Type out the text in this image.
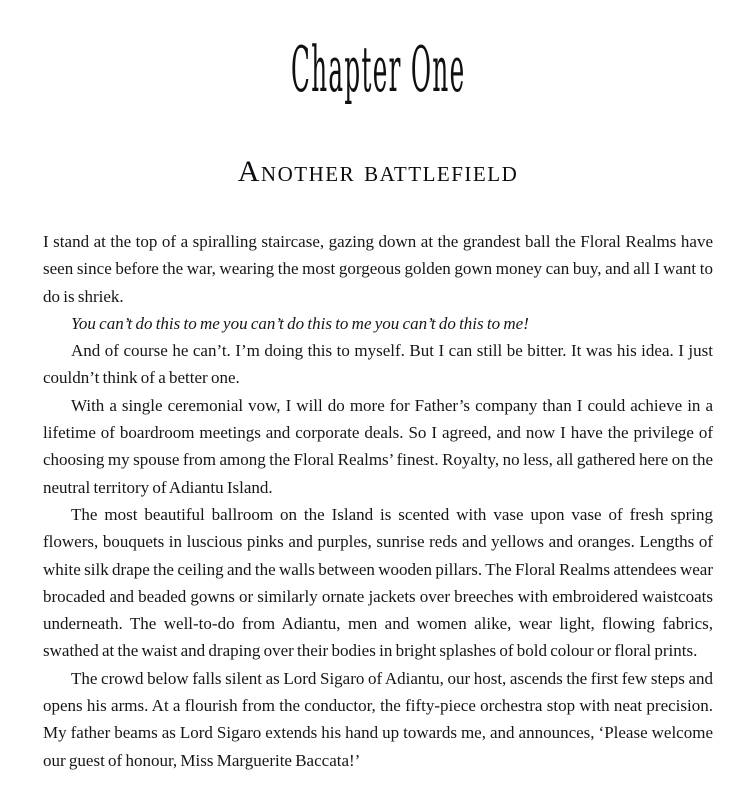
Chapter One
Another battlefield

I stand at the top of a spiralling staircase, gazing down at the grandest ball the Floral Realms have seen since before the war, wearing the most gorgeous golden gown money can buy, and all I want to do is shriek.

You can’t do this to me you can’t do this to me you can’t do this to me!

And of course he can’t. I’m doing this to myself. But I can still be bitter. It was his idea. I just couldn’t think of a better one.

With a single ceremonial vow, I will do more for Father’s company than I could achieve in a lifetime of boardroom meetings and corporate deals. So I agreed, and now I have the privilege of choosing my spouse from among the Floral Realms’ finest. Royalty, no less, all gathered here on the neutral territory of Adiantu Island.

The most beautiful ballroom on the Island is scented with vase upon vase of fresh spring flowers, bouquets in luscious pinks and purples, sunrise reds and yellows and oranges. Lengths of white silk drape the ceiling and the walls between wooden pillars. The Floral Realms attendees wear brocaded and beaded gowns or similarly ornate jackets over breeches with embroidered waistcoats underneath. The well-to-do from Adiantu, men and women alike, wear light, flowing fabrics, swathed at the waist and draping over their bodies in bright splashes of bold colour or floral prints.

The crowd below falls silent as Lord Sigaro of Adiantu, our host, ascends the first few steps and opens his arms. At a flourish from the conductor, the fifty-piece orchestra stop with neat precision. My father beams as Lord Sigaro extends his hand up towards me, and announces, ‘Please welcome our guest of honour, Miss Marguerite Baccata!’
